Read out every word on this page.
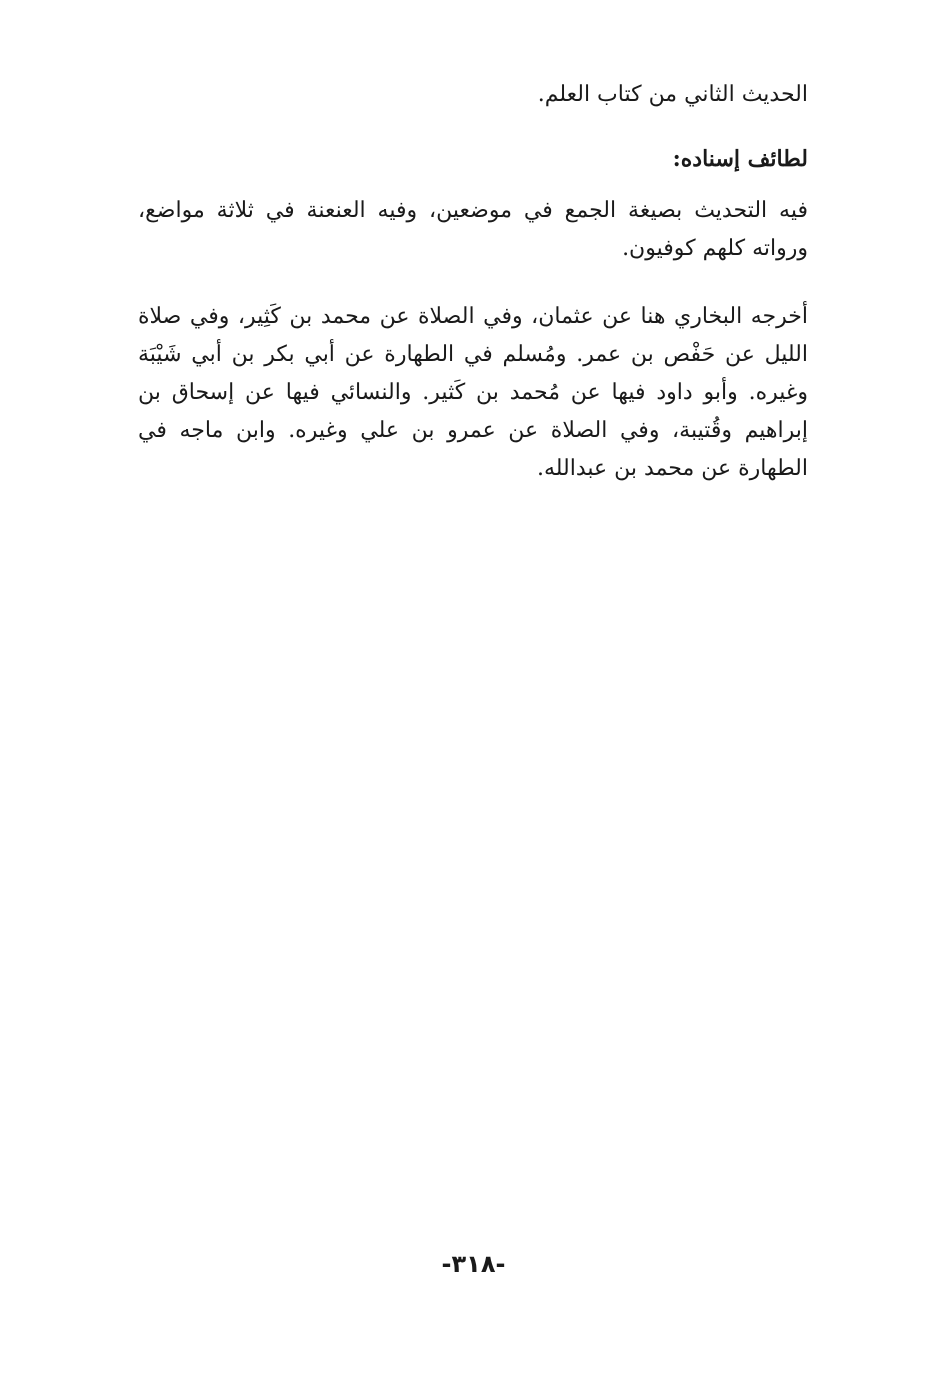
الحديث الثاني من كتاب العلم.

لطائف إسناده:

فيه التحديث بصيغة الجمع في موضعين، وفيه العنعنة في ثلاثة مواضع، ورواته كلهم كوفيون.

أخرجه البخاري هنا عن عثمان، وفي الصلاة عن محمد بن كَثِير، وفي صلاة الليل عن حَفْص بن عمر. ومُسلم في الطهارة عن أبي بكر بن أبي شَيْبَة وغيره. وأبو داود فيها عن مُحمد بن كَثير. والنسائي فيها عن إسحاق بن إبراهيم وقُتيبة، وفي الصلاة عن عمرو بن علي وغيره. وابن ماجه في الطهارة عن محمد بن عبدالله.

-٣١٨-
